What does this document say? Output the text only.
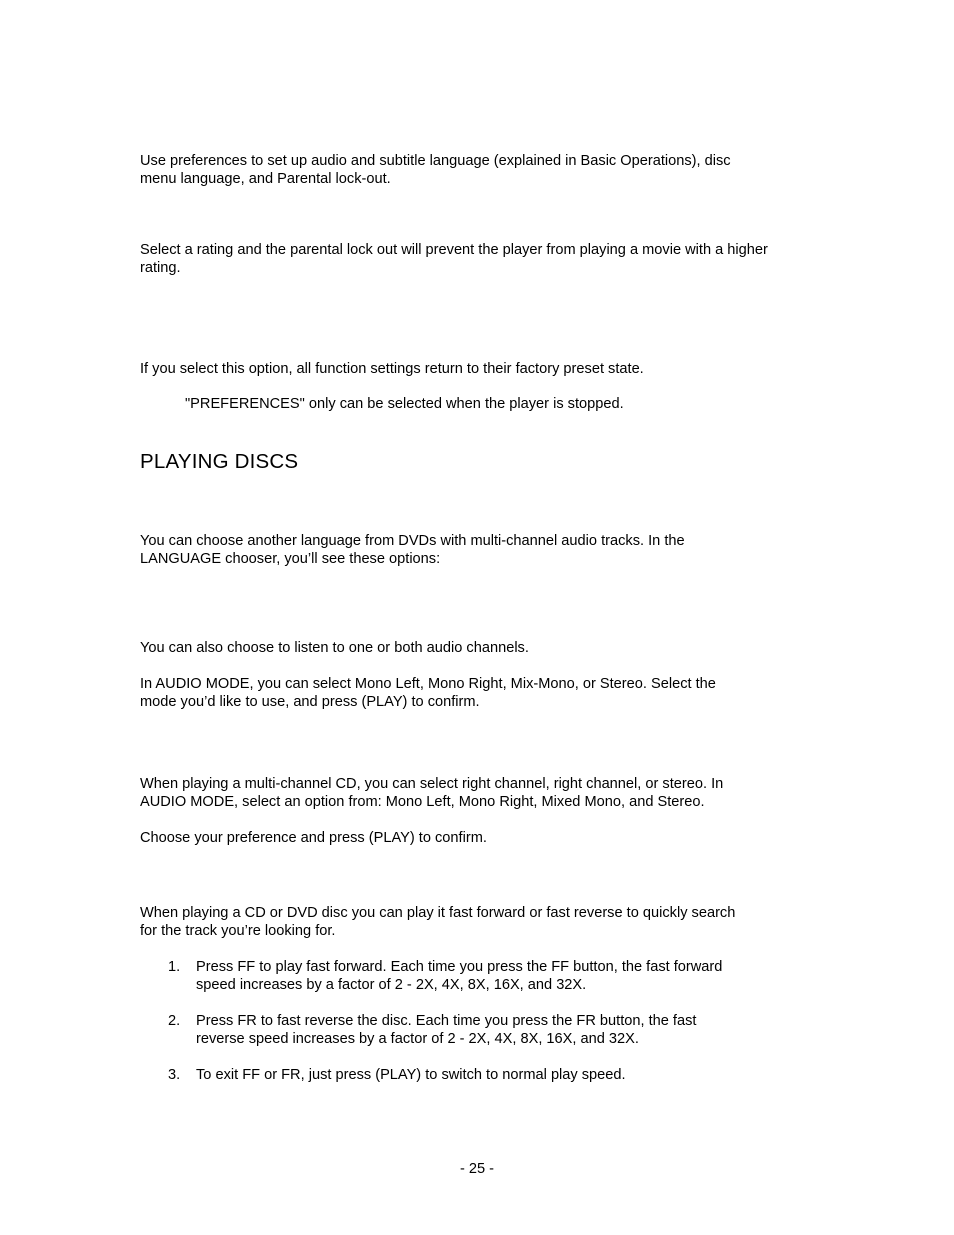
Use preferences to set up audio and subtitle language (explained in Basic Operations), disc

menu language, and Parental lock-out.

Select a rating and the parental lock out will prevent the player from playing a movie with a higher

rating.

If you select this option, all function settings return to their factory preset state.

"PREFERENCES" only can be selected when the player is stopped.

PLAYING DISCS

You can choose another language from DVDs with multi-channel audio tracks. In the

LANGUAGE chooser, you’ll see these options:

You can also choose to listen to one or both audio channels.

In AUDIO MODE, you can select Mono Left, Mono Right, Mix-Mono, or Stereo. Select the

mode you’d like to use, and press (PLAY) to confirm.

When playing a multi-channel CD, you can select right channel, right channel, or stereo. In

AUDIO MODE, select an option from: Mono Left, Mono Right, Mixed Mono, and Stereo.

Choose your preference and press (PLAY) to confirm.

When playing a CD or DVD disc you can play it fast forward or fast reverse to quickly search

for the track you’re looking for.

1. Press FF to play fast forward. Each time you press the FF button, the fast forward
speed increases by a factor of 2 - 2X, 4X, 8X, 16X, and 32X.
2. Press FR to fast reverse the disc. Each time you press the FR button, the fast
reverse speed increases by a factor of 2 - 2X, 4X, 8X, 16X, and 32X.
3. To exit FF or FR, just press (PLAY) to switch to normal play speed.
- 25 -
